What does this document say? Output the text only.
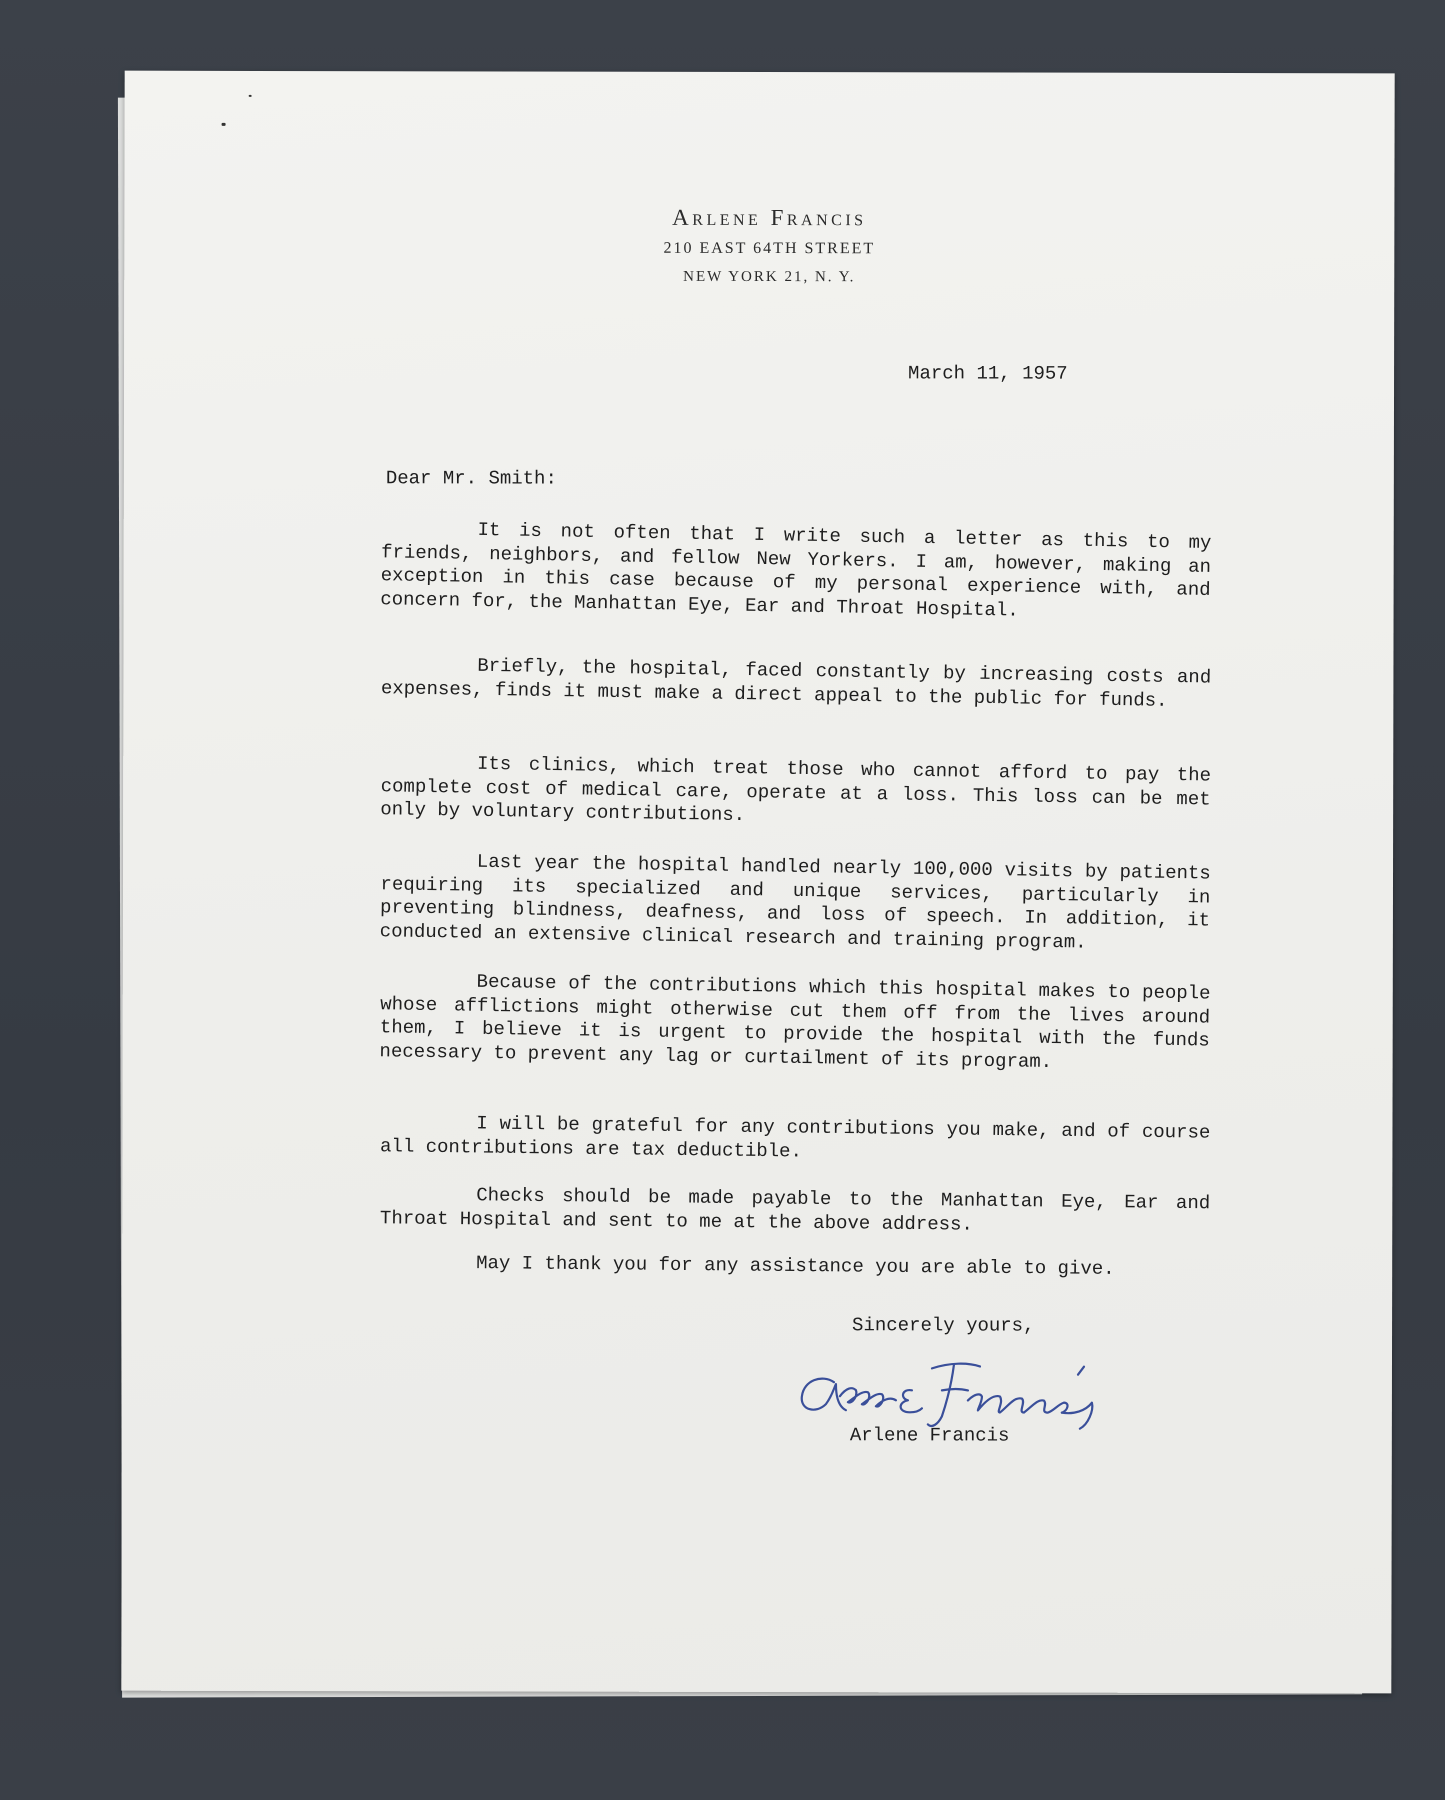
Arlene Francis
210 EAST 64TH STREET
NEW YORK 21, N. Y.
March 11, 1957
Dear Mr. Smith:
It is not often that I write such a letter as this to my friends, neighbors, and fellow New Yorkers. I am, however, making an exception in this case because of my personal experience with, and concern for, the Manhattan Eye, Ear and Throat Hospital.
Briefly, the hospital, faced constantly by increasing costs and expenses, finds it must make a direct appeal to the public for funds.
Its clinics, which treat those who cannot afford to pay the complete cost of medical care, operate at a loss. This loss can be met only by voluntary contributions.
Last year the hospital handled nearly 100,000 visits by patients requiring its specialized and unique services, particularly in preventing blindness, deafness, and loss of speech. In addition, it conducted an extensive clinical research and training program.
Because of the contributions which this hospital makes to people whose afflictions might otherwise cut them off from the lives around them, I believe it is urgent to provide the hospital with the funds necessary to prevent any lag or curtailment of its program.
I will be grateful for any contributions you make, and of course all contributions are tax deductible.
Checks should be made payable to the Manhattan Eye, Ear and Throat Hospital and sent to me at the above address.
May I thank you for any assistance you are able to give.
Sincerely yours,
Arlene Francis
